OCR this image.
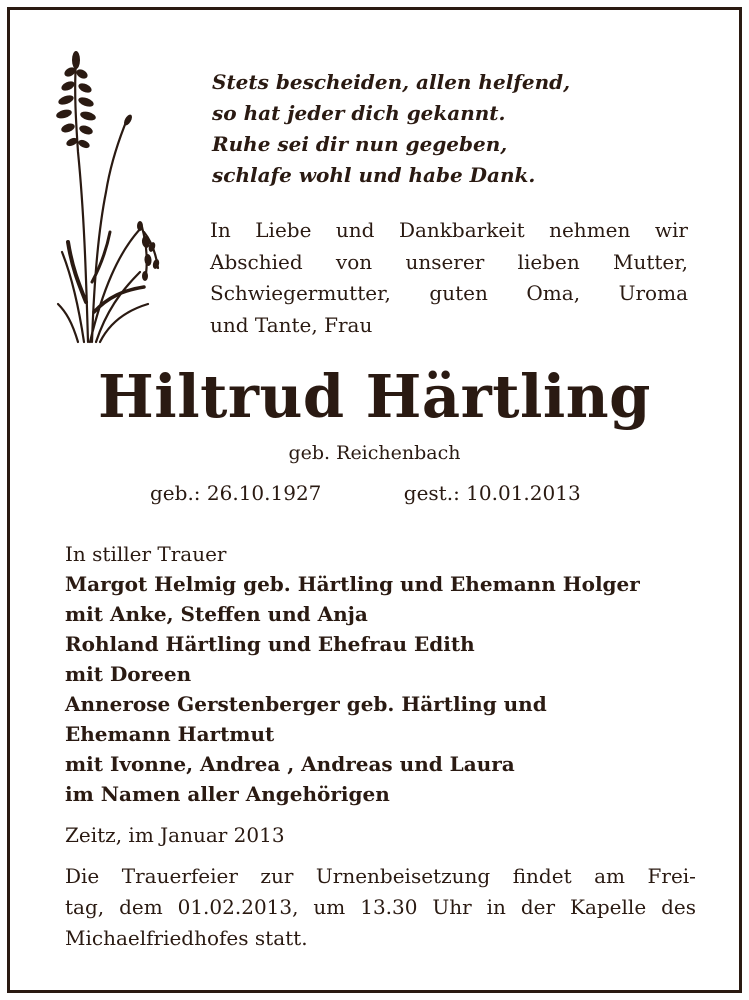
Stets bescheiden, allen helfend,
so hat jeder dich gekannt.
Ruhe sei dir nun gegeben,
schlafe wohl und habe Dank.
In Liebe und Dankbarkeit nehmen wir
Abschied von unserer lieben Mutter,
Schwiegermutter, guten Oma, Uroma
und Tante, Frau
Hiltrud Härtling
geb. Reichenbach
geb.: 26.10.1927	gest.: 10.01.2013
In stiller Trauer
Margot Helmig geb. Härtling und Ehemann Holger
mit Anke, Steffen und Anja
Rohland Härtling und Ehefrau Edith
mit Doreen
Annerose Gerstenberger geb. Härtling und
Ehemann Hartmut
mit Ivonne, Andrea , Andreas und Laura
im Namen aller Angehörigen
Zeitz, im Januar 2013
Die Trauerfeier zur Urnenbeisetzung findet am Frei-
tag, dem 01.02.2013, um 13.30 Uhr in der Kapelle des
Michaelfriedhofes statt.
